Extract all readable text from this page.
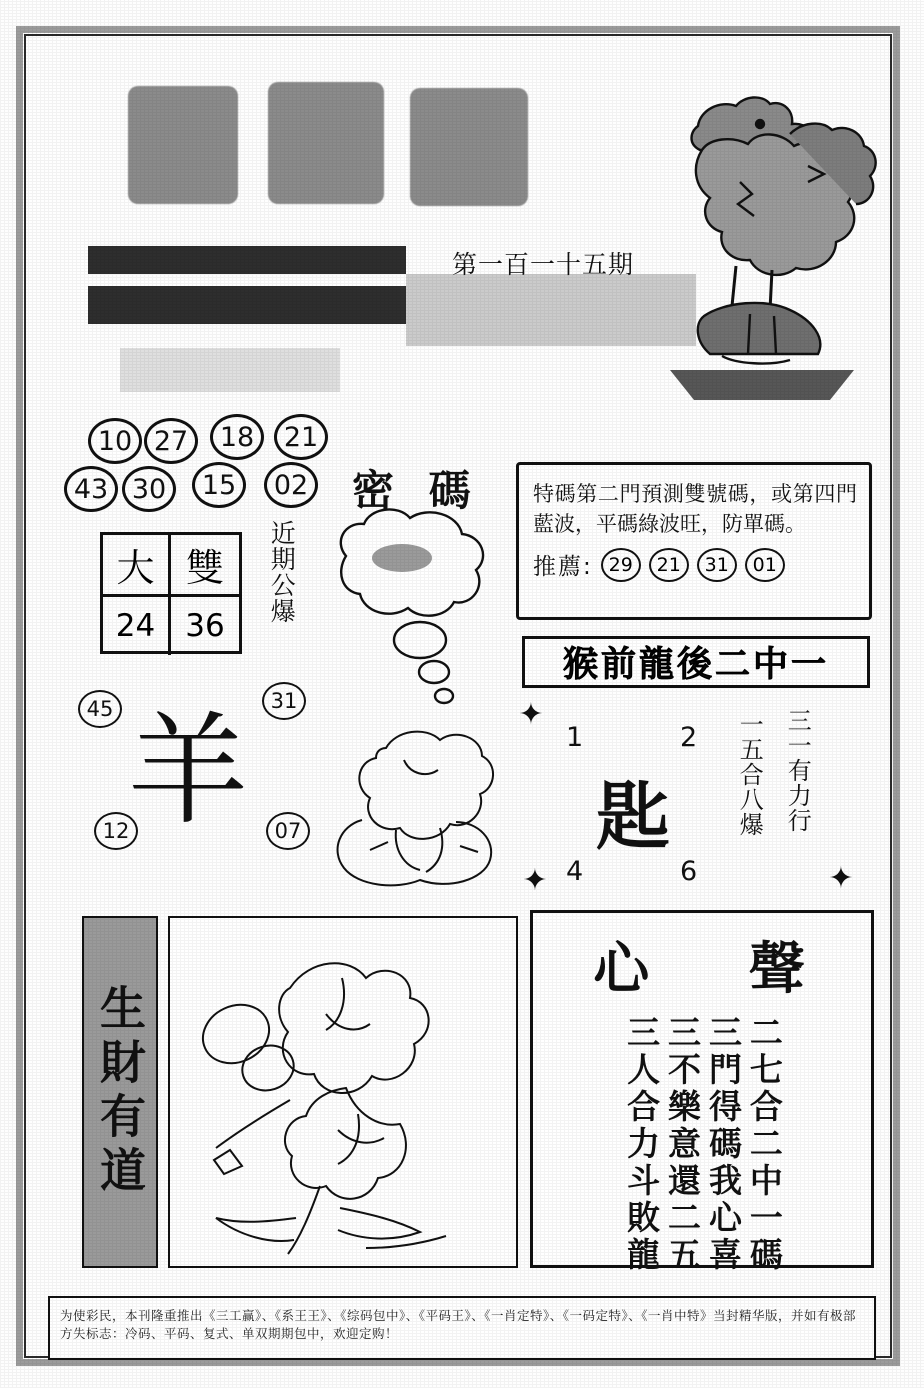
第一百一十五期
10 27	18	21
43 30	15	02
大 雙
24 36
45
12
31
07
羊
近期公爆
密 碼 特碼第二門預測雙號碼，或第四門藍波，平碼綠波旺，防單碼。
推薦: 29	21	31	01
猴前龍後二中一
✦
✦	✦
1	2
4	6
匙	一五合八爆 三一有力行
生財有道
心 聲
二七合二中一碼
三門得碼我心喜
三不樂意還二五
三人合力斗敗龍

为使彩民，本刊隆重推出《三工赢》、《系王王》、《综码包中》、《平码王》、《一肖定特》、《一码定特》、《一肖中特》当封精华版，并如有极部方失标志：冷码、平码、复式、单双期期包中，欢迎定购！
